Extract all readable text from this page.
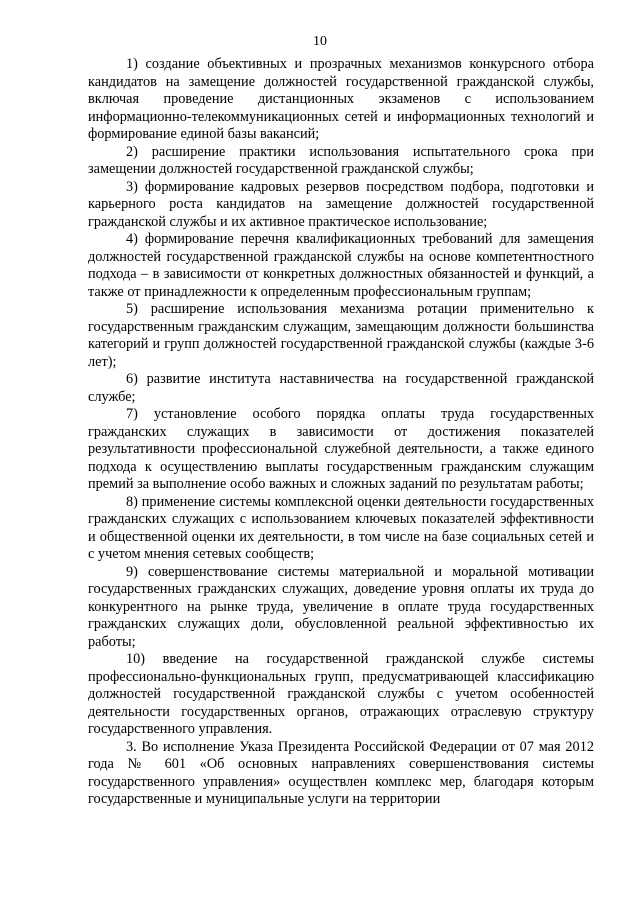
10

1) создание объективных и прозрачных механизмов конкурсного отбора кандидатов на замещение должностей государственной гражданской службы, включая проведение дистанционных экзаменов с использованием информационно-телекоммуникационных сетей и информационных технологий и формирование единой базы вакансий;

2) расширение практики использования испытательного срока при замещении должностей государственной гражданской службы;

3) формирование кадровых резервов посредством подбора, подготовки и карьерного роста кандидатов на замещение должностей государственной гражданской службы и их активное практическое использование;

4) формирование перечня квалификационных требований для замещения должностей государственной гражданской службы на основе компетентностного подхода – в зависимости от конкретных должностных обязанностей и функций, а также от принадлежности к определенным профессиональным группам;

5) расширение использования механизма ротации применительно к государственным гражданским служащим, замещающим должности большинства категорий и групп должностей государственной гражданской службы (каждые 3-6 лет);

6) развитие института наставничества на государственной гражданской службе;

7) установление особого порядка оплаты труда государственных гражданских служащих в зависимости от достижения показателей результативности профессиональной служебной деятельности, а также единого подхода к осуществлению выплаты государственным гражданским служащим премий за выполнение особо важных и сложных заданий по результатам работы;

8) применение системы комплексной оценки деятельности государственных гражданских служащих с использованием ключевых показателей эффективности и общественной оценки их деятельности, в том числе на базе социальных сетей и с учетом мнения сетевых сообществ;

9) совершенствование системы материальной и моральной мотивации государственных гражданских служащих, доведение уровня оплаты их труда до конкурентного на рынке труда, увеличение в оплате труда государственных гражданских служащих доли, обусловленной реальной эффективностью их работы;

10) введение на государственной гражданской службе системы профессионально-функциональных групп, предусматривающей классификацию должностей государственной гражданской службы с учетом особенностей деятельности государственных органов, отражающих отраслевую структуру государственного управления.

3. Во исполнение Указа Президента Российской Федерации от 07 мая 2012 года № 601 «Об основных направлениях совершенствования системы государственного управления» осуществлен комплекс мер, благодаря которым государственные и муниципальные услуги на территории
